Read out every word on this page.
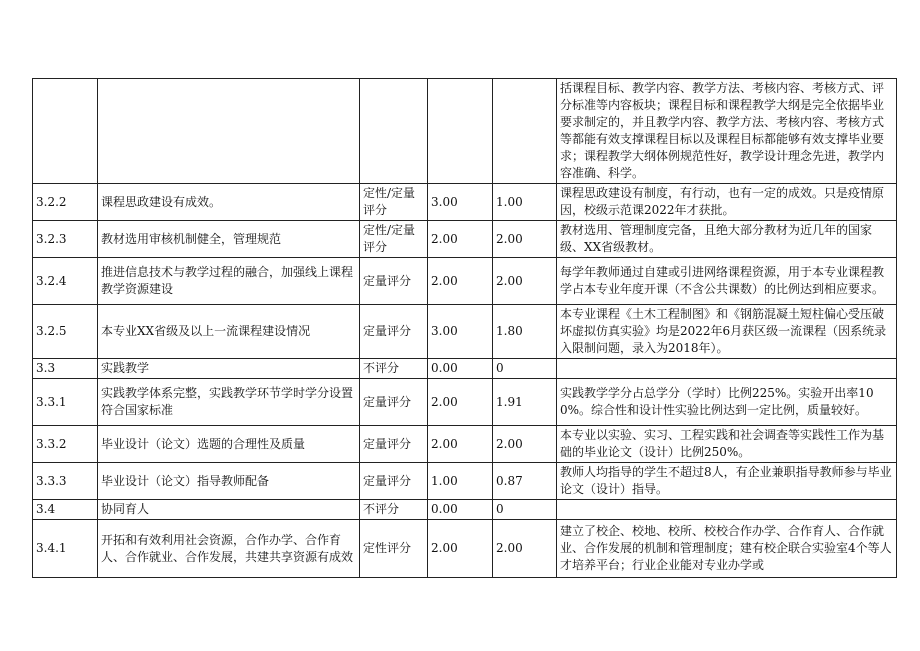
					括课程目标、教学内容、教学方法、考核内容、考核方式、评分标准等内容板块；课程目标和课程教学大纲是完全依据毕业要求制定的，并且教学内容、教学方法、考核内容、考核方式等都能有效支撑课程目标以及课程目标都能够有效支撑毕业要求；课程教学大纲体例规范性好，教学设计理念先进，教学内容准确、科学。
3.2.2	课程思政建设有成效。	定性/定量评分	3.00	1.00	课程思政建设有制度，有行动，也有一定的成效。只是疫情原因，校级示范课2022年才获批。
3.2.3	教材选用审核机制健全，管理规范	定性/定量评分	2.00	2.00	教材选用、管理制度完备，且绝大部分教材为近几年的国家级、XX省级教材。
3.2.4	推进信息技术与教学过程的融合，加强线上课程教学资源建设	定量评分	2.00	2.00	每学年教师通过自建或引进网络课程资源，用于本专业课程教学占本专业年度开课（不含公共课数）的比例达到相应要求。
3.2.5	本专业XX省级及以上一流课程建设情况	定量评分	3.00	1.80	本专业课程《土木工程制图》和《钢筋混凝土短柱偏心受压破坏虚拟仿真实验》均是2022年6月获区级一流课程（因系统录入限制问题，录入为2018年）。
3.3	实践教学	不评分	0.00	0	
3.3.1	实践教学体系完整，实践教学环节学时学分设置符合国家标准	定量评分	2.00	1.91	实践教学学分占总学分（学时）比例225%。实验开出率100%。综合性和设计性实验比例达到一定比例，质量较好。
3.3.2	毕业设计（论文）选题的合理性及质量	定量评分	2.00	2.00	本专业以实验、实习、工程实践和社会调查等实践性工作为基础的毕业论文（设计）比例250%。
3.3.3	毕业设计（论文）指导教师配备	定量评分	1.00	0.87	教师人均指导的学生不超过8人，有企业兼职指导教师参与毕业论文（设计）指导。
3.4	协同育人	不评分	0.00	0	
3.4.1	开拓和有效利用社会资源，合作办学、合作育人、合作就业、合作发展，共建共享资源有成效	定性评分	2.00	2.00	建立了校企、校地、校所、校校合作办学、合作育人、合作就业、合作发展的机制和管理制度；建有校企联合实验室4个等人才培养平台；行业企业能对专业办学或
